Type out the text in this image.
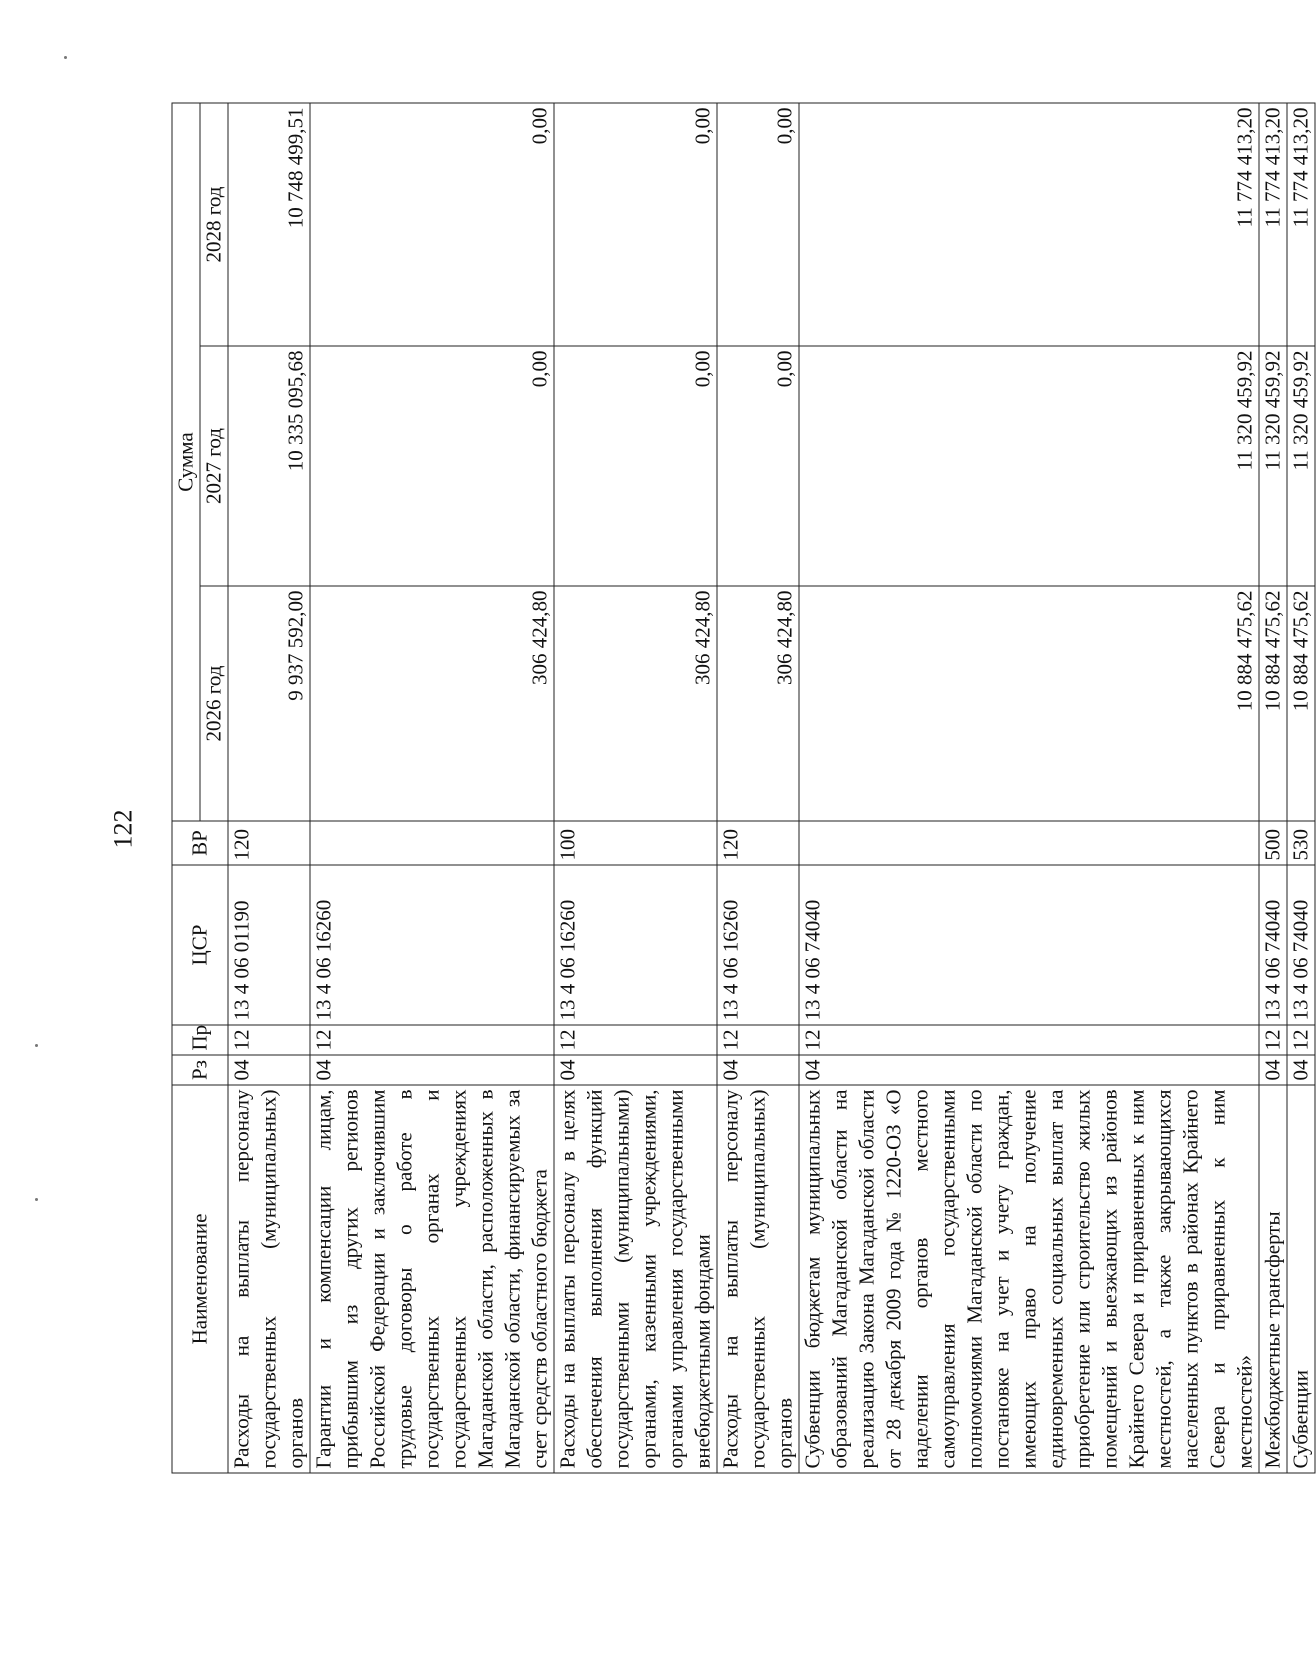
122
Наименование	Рз	Пр	ЦСР	ВР	Сумма		
					2026 год	2027 год	2028 год
Расходы на выплаты персоналу государственных (муниципальных) органов	04	12	13 4 06 01190	120	9 937 592,00	10 335 095,68	10 748 499,51
Гарантии и компенсации лицам, прибывшим из других регионов Российской Федерации и заключившим трудовые договоры о работе в государственных органах и государственных учреждениях Магаданской области, расположенных в Магаданской области, финансируемых за счет средств областного бюджета	04	12	13 4 06 16260		306 424,80	0,00	0,00
Расходы на выплаты персоналу в целях обеспечения выполнения функций государственными (муниципальными) органами, казенными учреждениями, органами управления государственными внебюджетными фондами	04	12	13 4 06 16260	100	306 424,80	0,00	0,00
Расходы на выплаты персоналу государственных (муниципальных) органов	04	12	13 4 06 16260	120	306 424,80	0,00	0,00
Субвенции бюджетам муниципальных образований Магаданской области на реализацию Закона Магаданской области от 28 декабря 2009 года № 1220-ОЗ «О наделении органов местного самоуправления государственными полномочиями Магаданской области по постановке на учет и учету граждан, имеющих право на получение единовременных социальных выплат на приобретение или строительство жилых помещений и выезжающих из районов Крайнего Севера и приравненных к ним местностей, а также закрывающихся населенных пунктов в районах Крайнего Севера и приравненных к ним местностей»	04	12	13 4 06 74040		10 884 475,62	11 320 459,92	11 774 413,20
Межбюджетные трансферты	04	12	13 4 06 74040	500	10 884 475,62	11 320 459,92	11 774 413,20
Субвенции	04	12	13 4 06 74040	530	10 884 475,62	11 320 459,92	11 774 413,20
